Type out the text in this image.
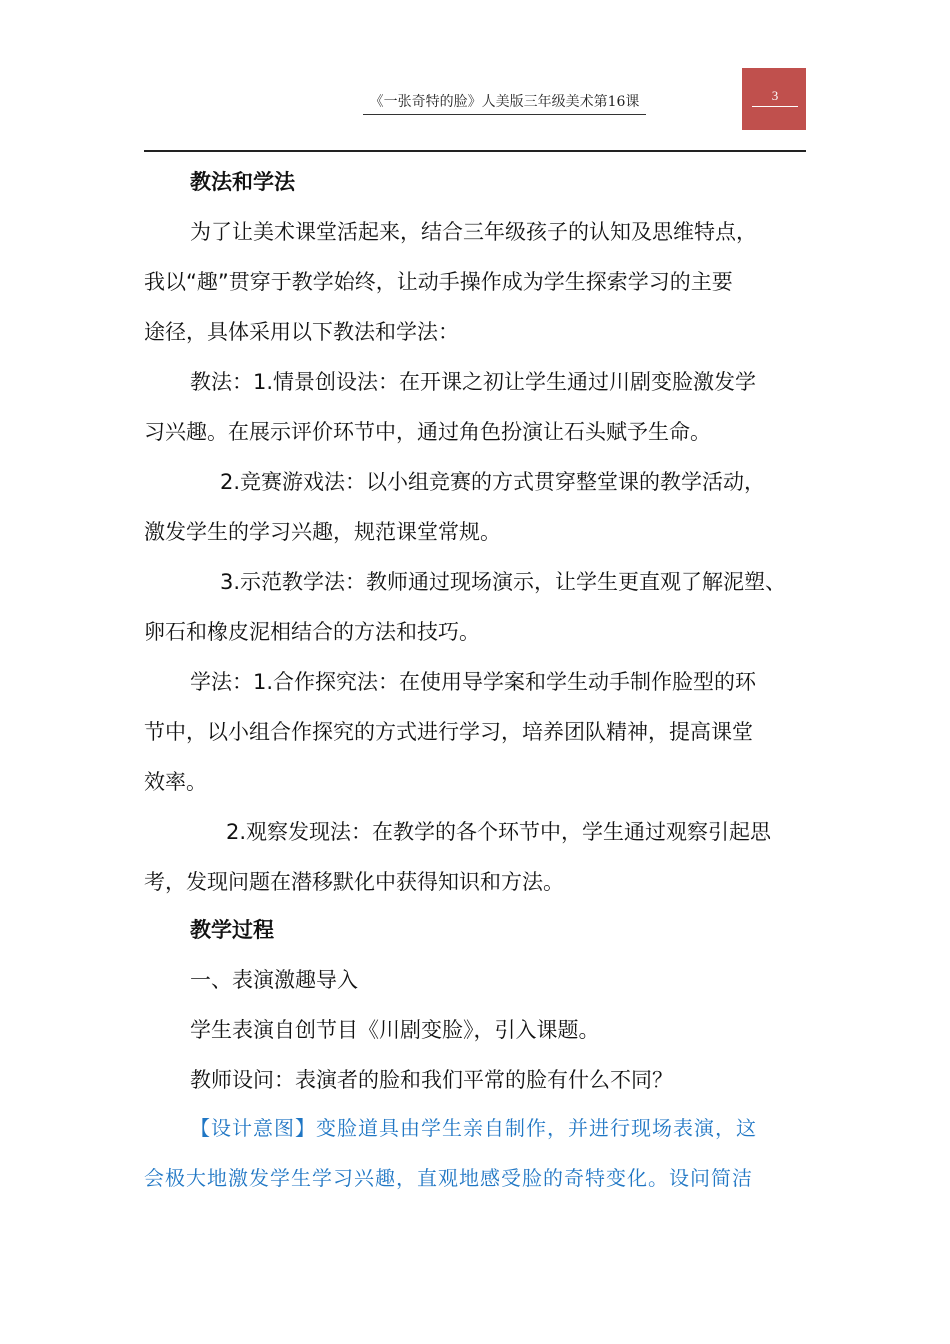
《一张奇特的脸》人美版三年级美术第16课	3
教法和学法
为了让美术课堂活起来，结合三年级孩子的认知及思维特点，
我以“趣”贯穿于教学始终，让动手操作成为学生探索学习的主要
途径，具体采用以下教法和学法：
教法：1.情景创设法：在开课之初让学生通过川剧变脸激发学
习兴趣。在展示评价环节中，通过角色扮演让石头赋予生命。
2.竞赛游戏法：以小组竞赛的方式贯穿整堂课的教学活动，
激发学生的学习兴趣，规范课堂常规。
3.示范教学法：教师通过现场演示，让学生更直观了解泥塑、
卵石和橡皮泥相结合的方法和技巧。
学法：1.合作探究法：在使用导学案和学生动手制作脸型的环
节中，以小组合作探究的方式进行学习，培养团队精神，提高课堂
效率。
2.观察发现法：在教学的各个环节中，学生通过观察引起思
考，发现问题在潜移默化中获得知识和方法。
教学过程
一、表演激趣导入
学生表演自创节目《川剧变脸》，引入课题。
教师设问：表演者的脸和我们平常的脸有什么不同？
【设计意图】变脸道具由学生亲自制作，并进行现场表演，这
会极大地激发学生学习兴趣，直观地感受脸的奇特变化。设问简洁
